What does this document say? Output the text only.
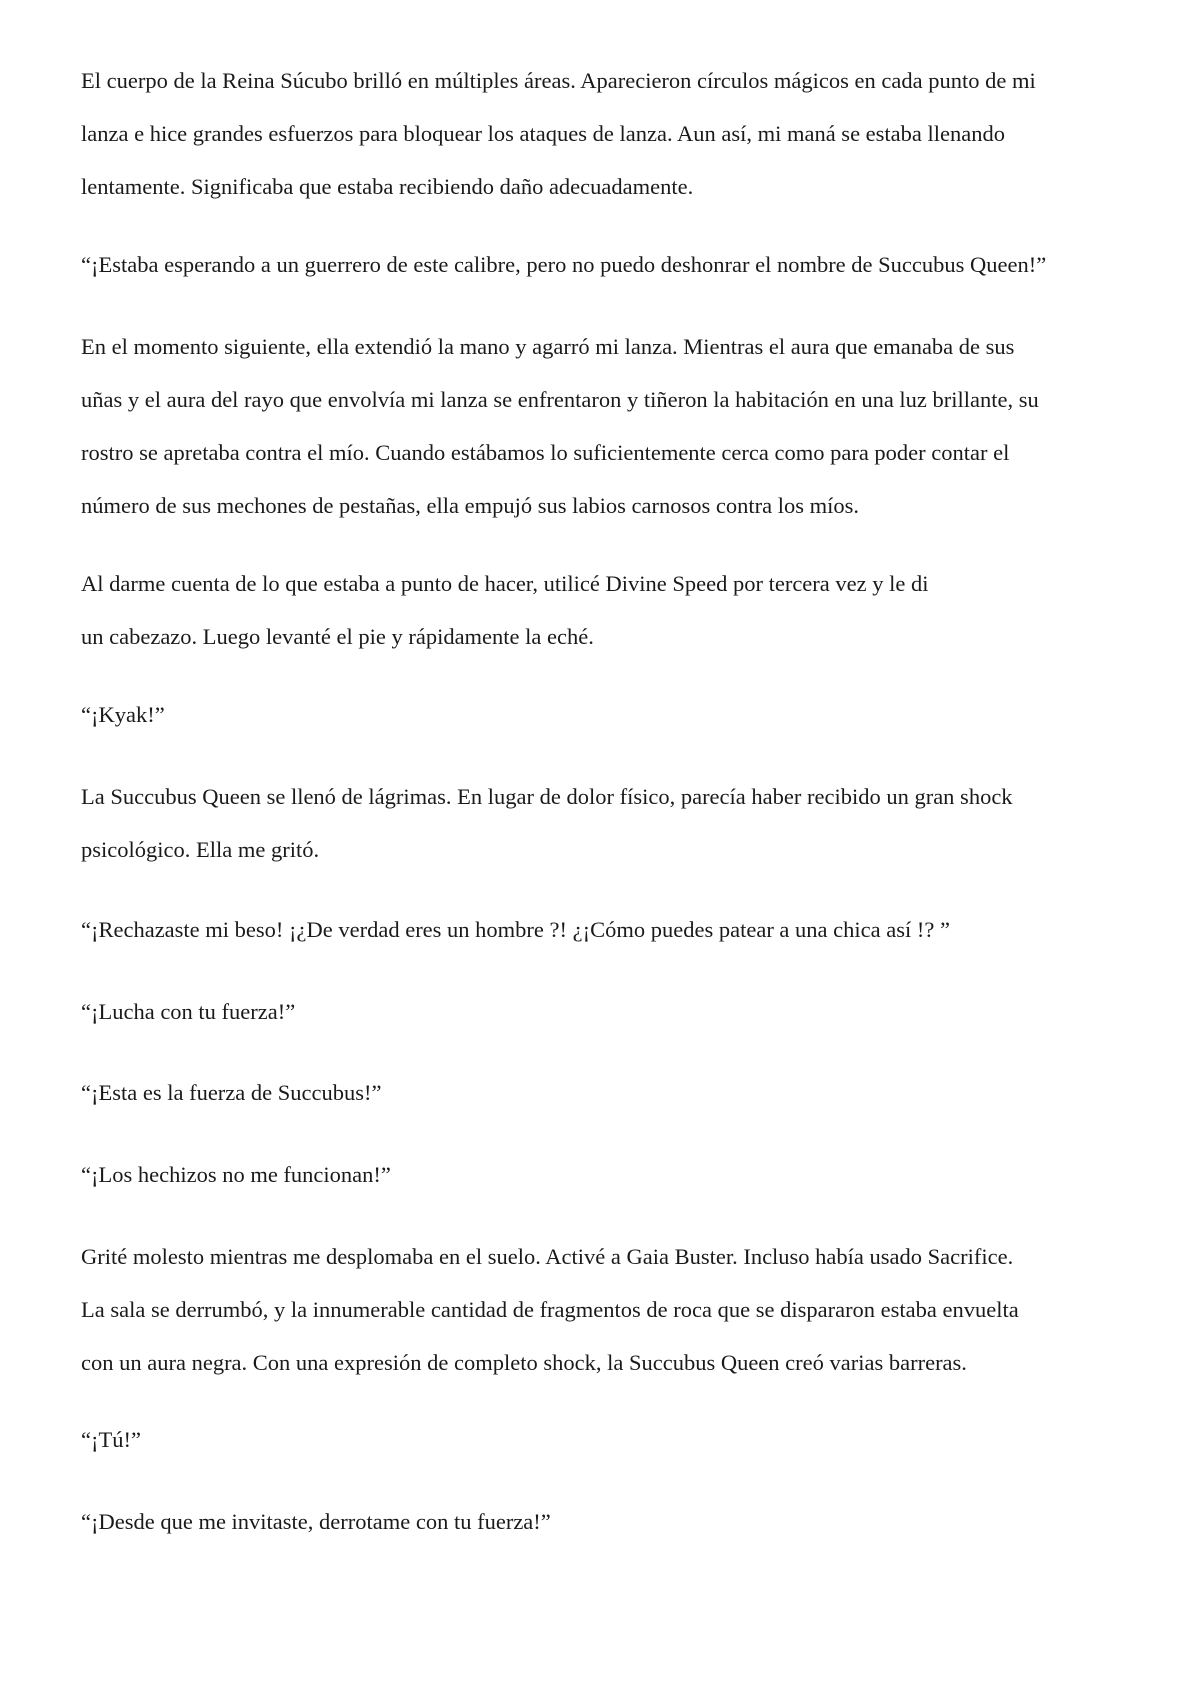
El cuerpo de la Reina Súcubo brilló en múltiples áreas. Aparecieron círculos mágicos en cada punto de mi
lanza e hice grandes esfuerzos para bloquear los ataques de lanza. Aun así, mi maná se estaba llenando
lentamente. Significaba que estaba recibiendo daño adecuadamente.

“¡Estaba esperando a un guerrero de este calibre, pero no puedo deshonrar el nombre de Succubus Queen!”

En el momento siguiente, ella extendió la mano y agarró mi lanza. Mientras el aura que emanaba de sus
uñas y el aura del rayo que envolvía mi lanza se enfrentaron y tiñeron la habitación en una luz brillante, su
rostro se apretaba contra el mío. Cuando estábamos lo suficientemente cerca como para poder contar el
número de sus mechones de pestañas, ella empujó sus labios carnosos contra los míos.

Al darme cuenta de lo que estaba a punto de hacer, utilicé Divine Speed por tercera vez y le di
un cabezazo. Luego levanté el pie y rápidamente la eché.

“¡Kyak!”

La Succubus Queen se llenó de lágrimas. En lugar de dolor físico, parecía haber recibido un gran shock
psicológico. Ella me gritó.

“¡Rechazaste mi beso! ¡¿De verdad eres un hombre ?! ¿¡Cómo puedes patear a una chica así !? ”

“¡Lucha con tu fuerza!”

“¡Esta es la fuerza de Succubus!”

“¡Los hechizos no me funcionan!”

Grité molesto mientras me desplomaba en el suelo. Activé a Gaia Buster. Incluso había usado Sacrifice.
La sala se derrumbó, y la innumerable cantidad de fragmentos de roca que se dispararon estaba envuelta
con un aura negra. Con una expresión de completo shock, la Succubus Queen creó varias barreras.

“¡Tú!”

“¡Desde que me invitaste, derrotame con tu fuerza!”
